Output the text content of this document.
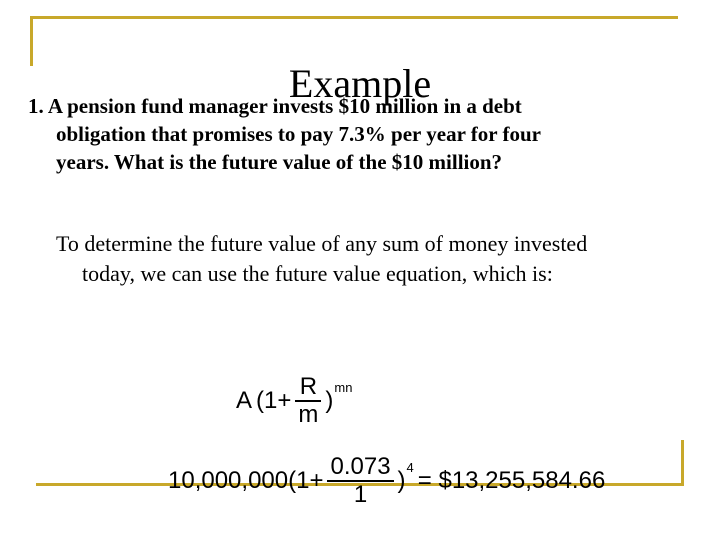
1. A pension fund manager invests $10 million in a debt
obligation that promises to pay 7.3% per year for four
years. What is the future value of the $10 million?
Example
To determine the future value of any sum of money invested
today, we can use the future value equation, which is:
A ($1+ \frac{R}{m}$ ) mn
$10,000,000(1+ \frac{0.073}{1}$ ) 4 = $13,255,584.66
